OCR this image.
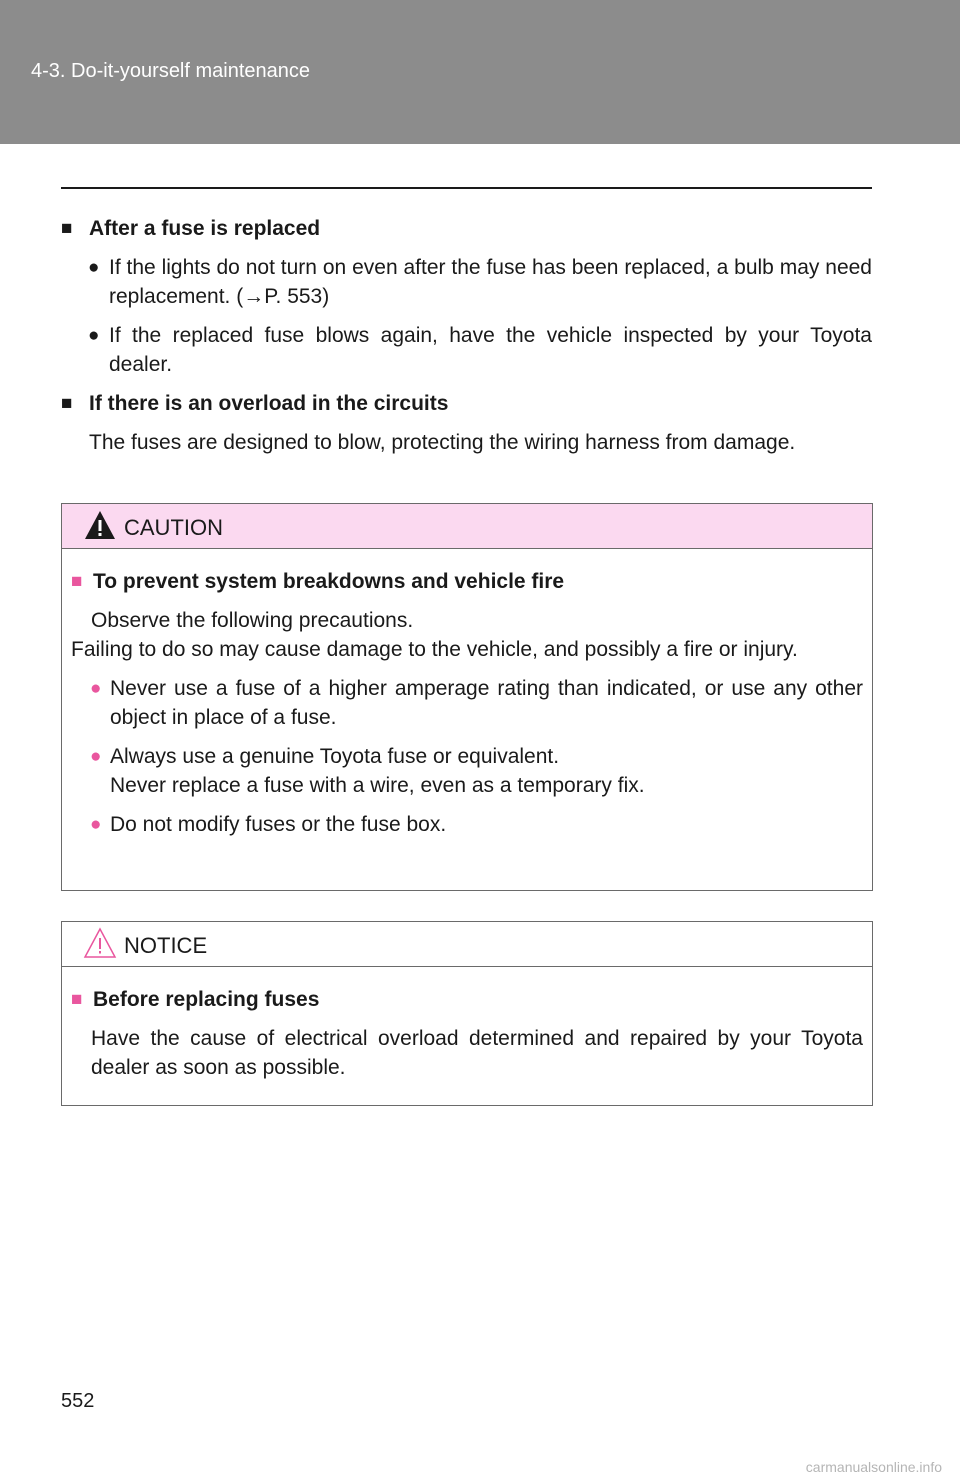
4-3. Do-it-yourself maintenance
■ After a fuse is replaced
● If the lights do not turn on even after the fuse has been replaced, a bulb may need replacement. (→P. 553)
● If the replaced fuse blows again, have the vehicle inspected by your Toyota dealer.
■ If there is an overload in the circuits
The fuses are designed to blow, protecting the wiring harness from damage.
CAUTION
■ To prevent system breakdowns and vehicle fire
Observe the following precautions.
Failing to do so may cause damage to the vehicle, and possibly a fire or injury.
● Never use a fuse of a higher amperage rating than indicated, or use any other object in place of a fuse.
● Always use a genuine Toyota fuse or equivalent.
Never replace a fuse with a wire, even as a temporary fix.
● Do not modify fuses or the fuse box.
NOTICE
■ Before replacing fuses
Have the cause of electrical overload determined and repaired by your Toyota dealer as soon as possible.
552
carmanualsonline.info
